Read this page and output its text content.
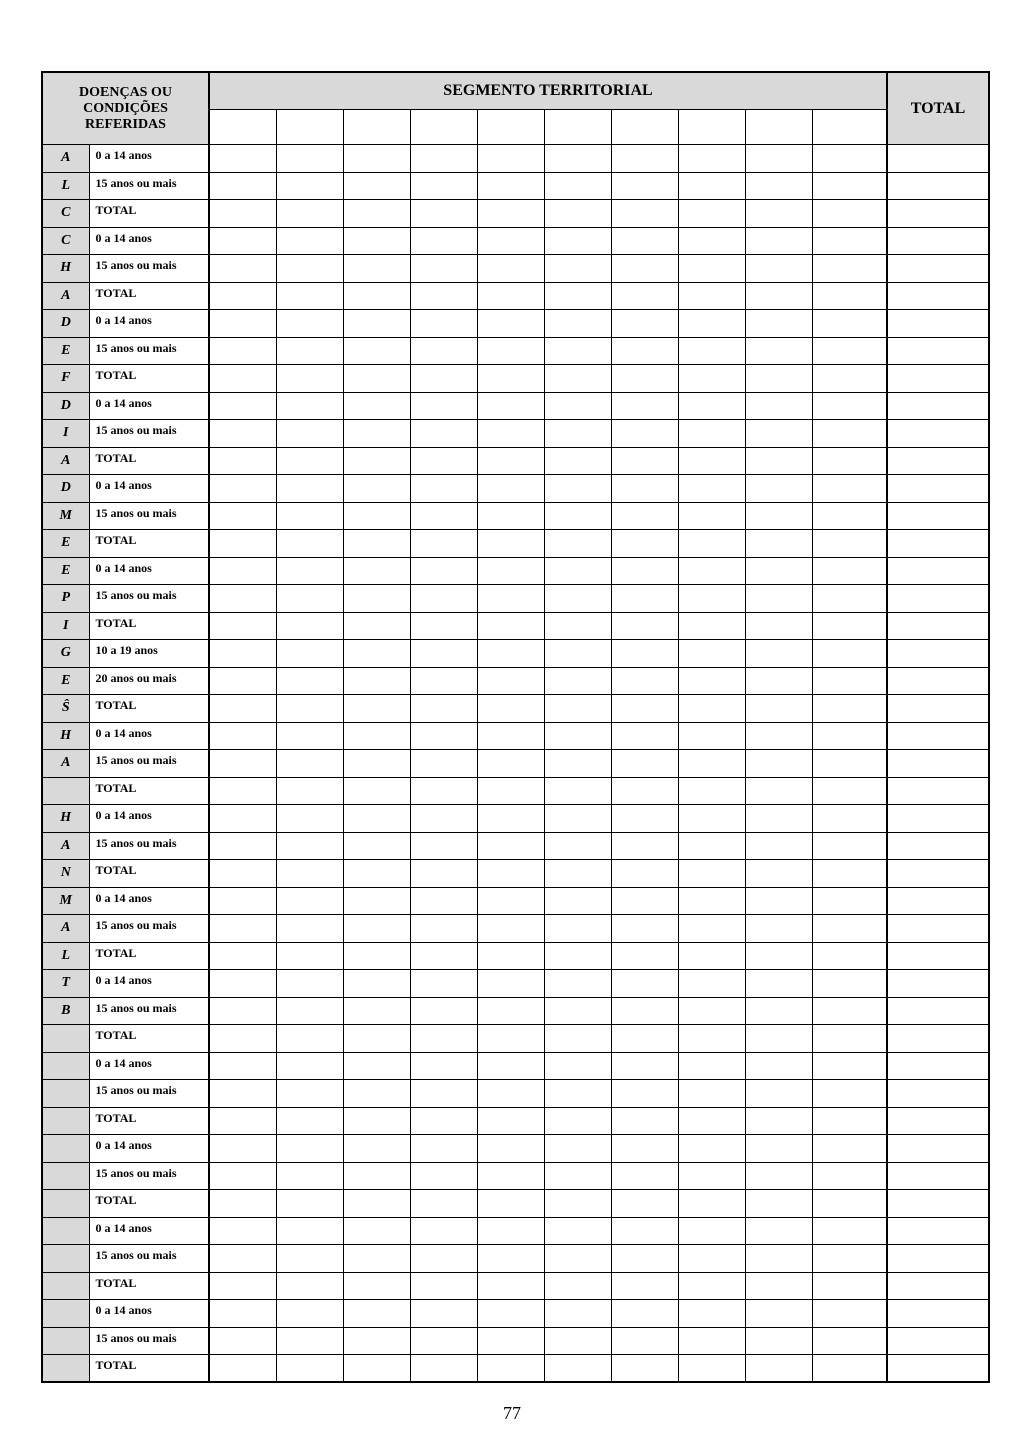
DOENÇAS OU
CONDIÇÕES
REFERIDAS		SEGMENTO TERRITORIAL										TOTAL

A	0 a 14 anos											
L	15 anos ou mais											
C	TOTAL											
C	0 a 14 anos											
H	15 anos ou mais											
A	TOTAL											
D	0 a 14 anos											
E	15 anos ou mais											
F	TOTAL											
D	0 a 14 anos											
I	15 anos ou mais											
A	TOTAL											
D	0 a 14 anos											
M	15 anos ou mais											
E	TOTAL											
E	0 a 14 anos											
P	15 anos ou mais											
I	TOTAL											
G	10 a 19 anos											
E	20 anos ou mais											
Ŝ	TOTAL											
H	0 a 14 anos											
A	15 anos ou mais											
	TOTAL											
H	0 a 14 anos											
A	15 anos ou mais											
N	TOTAL											
M	0 a 14 anos											
A	15 anos ou mais											
L	TOTAL											
T	0 a 14 anos											
B	15 anos ou mais											
	TOTAL											
	0 a 14 anos											
	15 anos ou mais											
	TOTAL											
	0 a 14 anos											
	15 anos ou mais											
	TOTAL											
	0 a 14 anos											
	15 anos ou mais											
	TOTAL											
	0 a 14 anos											
	15 anos ou mais											
	TOTAL											
77
